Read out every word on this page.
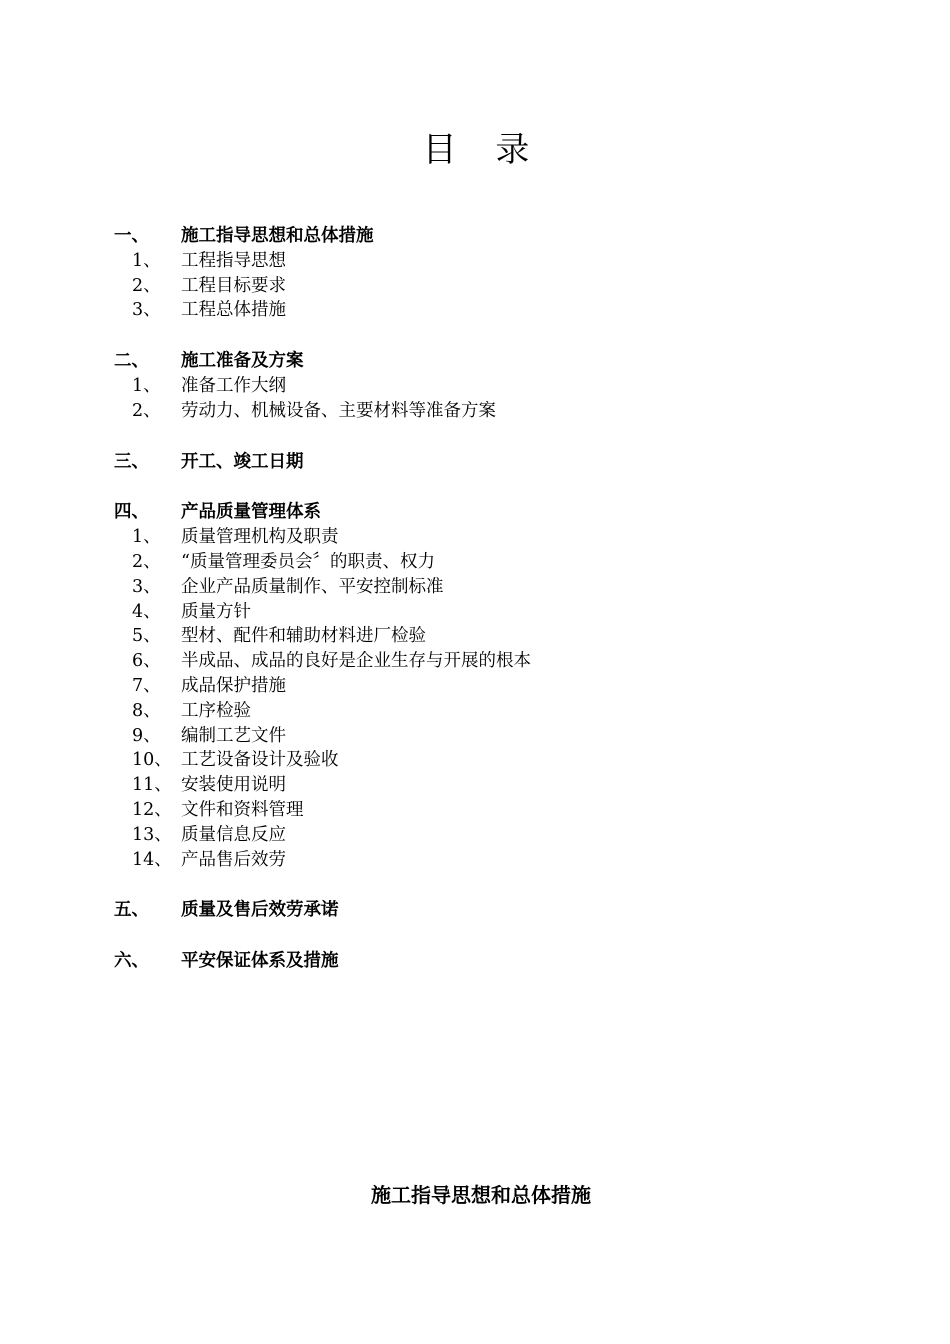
目 录
一、 施工指导思想和总体措施
1、 工程指导思想
2、 工程目标要求
3、 工程总体措施
二、 施工准备及方案
1、 准备工作大纲
2、 劳动力、机械设备、主要材料等准备方案
三、 开工、竣工日期
四、 产品质量管理体系
1、 质量管理机构及职责
2、 “质量管理委员会〞的职责、权力
3、 企业产品质量制作、平安控制标准
4、 质量方针
5、 型材、配件和辅助材料进厂检验
6、 半成品、成品的良好是企业生存与开展的根本
7、 成品保护措施
8、 工序检验
9、 编制工艺文件
10、 工艺设备设计及验收
11、 安装使用说明
12、 文件和资料管理
13、 质量信息反应
14、 产品售后效劳
五、 质量及售后效劳承诺
六、 平安保证体系及措施
施工指导思想和总体措施
